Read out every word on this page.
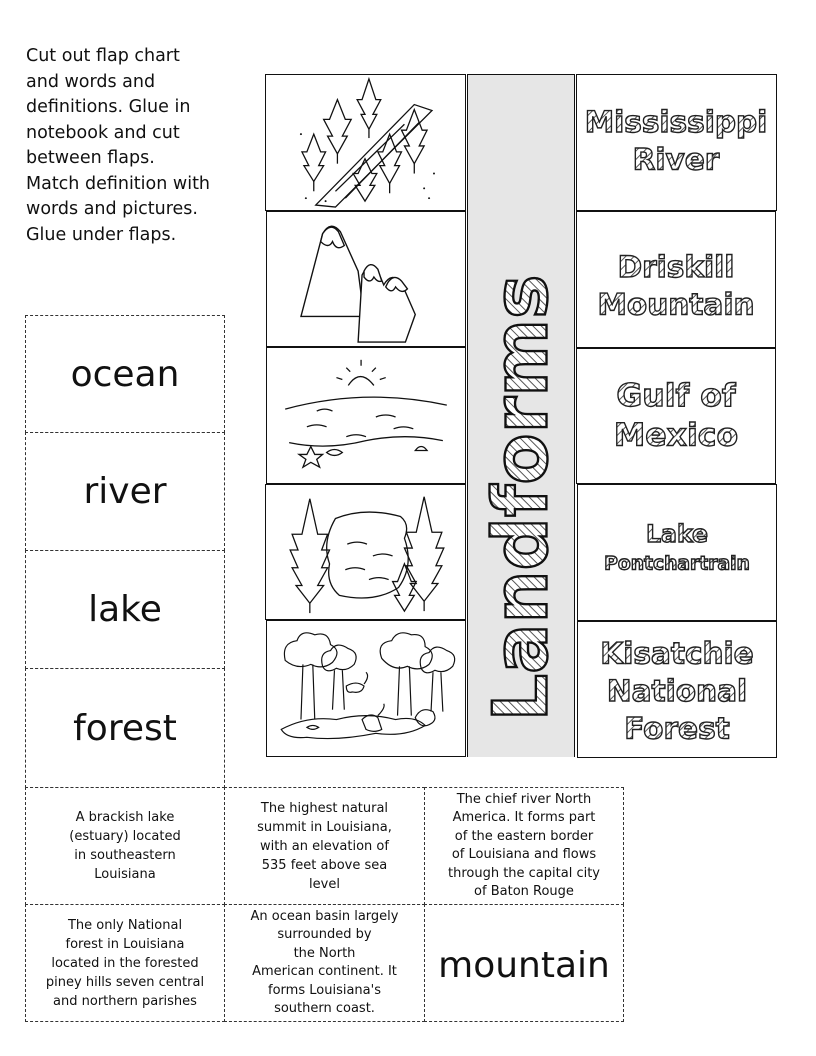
Cut out flap chart
and words and
definitions. Glue in
notebook and cut
between flaps.
Match definition with
words and pictures.
Glue under flaps.
Landforms
Mississippi
River
Driskill
Mountain
Gulf of
Mexico
Lake
Pontchartrain
Kisatchie
National
Forest
ocean
river
lake
forest
A brackish lake
(estuary) located
in southeastern
Louisiana
The highest natural
summit in Louisiana,
with an elevation of
535 feet above sea
level
The chief river North
America. It forms part
of the eastern border
of Louisiana and flows
through the capital city
of Baton Rouge
The only National
forest in Louisiana
located in the forested
piney hills seven central
and northern parishes
An ocean basin largely
surrounded by
the North
American continent. It
forms Louisiana's
southern coast.
mountain
